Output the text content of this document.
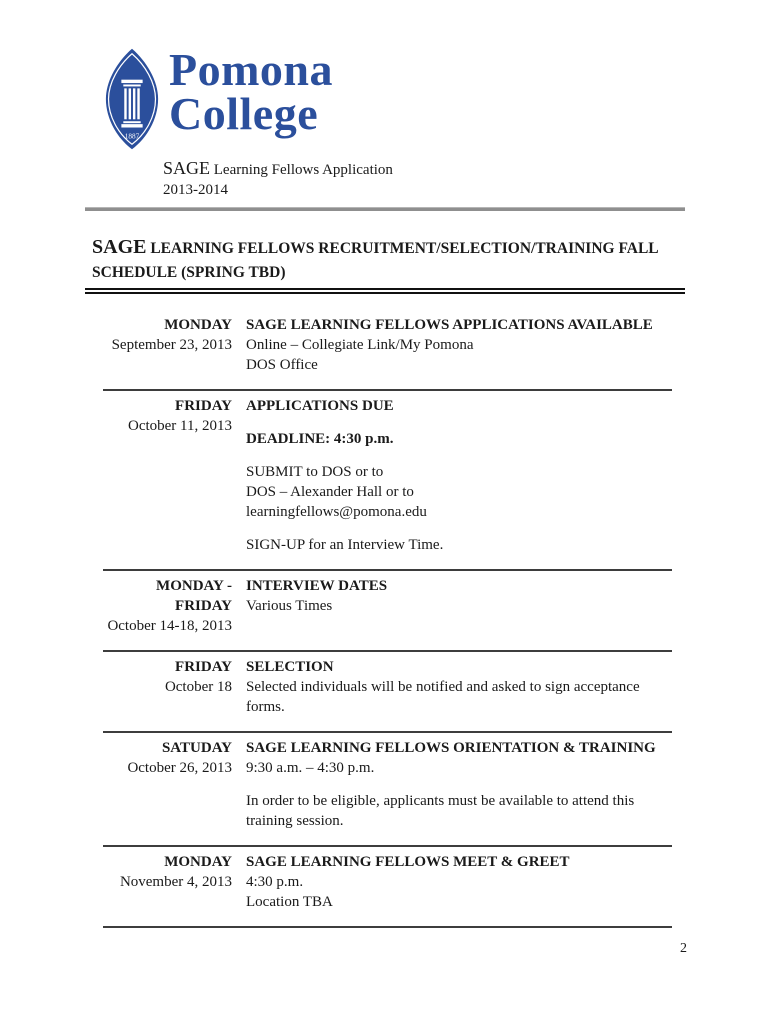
1887
Pomona
College
SAGE Learning Fellows Application
2013-2014
SAGE LEARNING FELLOWS RECRUITMENT/SELECTION/TRAINING FALL SCHEDULE (SPRING TBD)
MONDAY
September 23, 2013
SAGE LEARNING FELLOWS APPLICATIONS AVAILABLE
Online – Collegiate Link/My Pomona
DOS Office
FRIDAY
October 11, 2013
APPLICATIONS DUE
DEADLINE: 4:30 p.m.
SUBMIT to DOS or to
DOS – Alexander Hall or to
learningfellows@pomona.edu
SIGN-UP for an Interview Time.
MONDAY - FRIDAY
October 14-18, 2013
INTERVIEW DATES
Various Times
FRIDAY
October 18
SELECTION
Selected individuals will be notified and asked to sign acceptance forms.
SATUDAY
October 26, 2013
SAGE LEARNING FELLOWS ORIENTATION & TRAINING
9:30 a.m. – 4:30 p.m.
In order to be eligible, applicants must be available to attend this training session.
MONDAY
November 4, 2013
SAGE LEARNING FELLOWS MEET & GREET
4:30 p.m.
Location TBA
2
